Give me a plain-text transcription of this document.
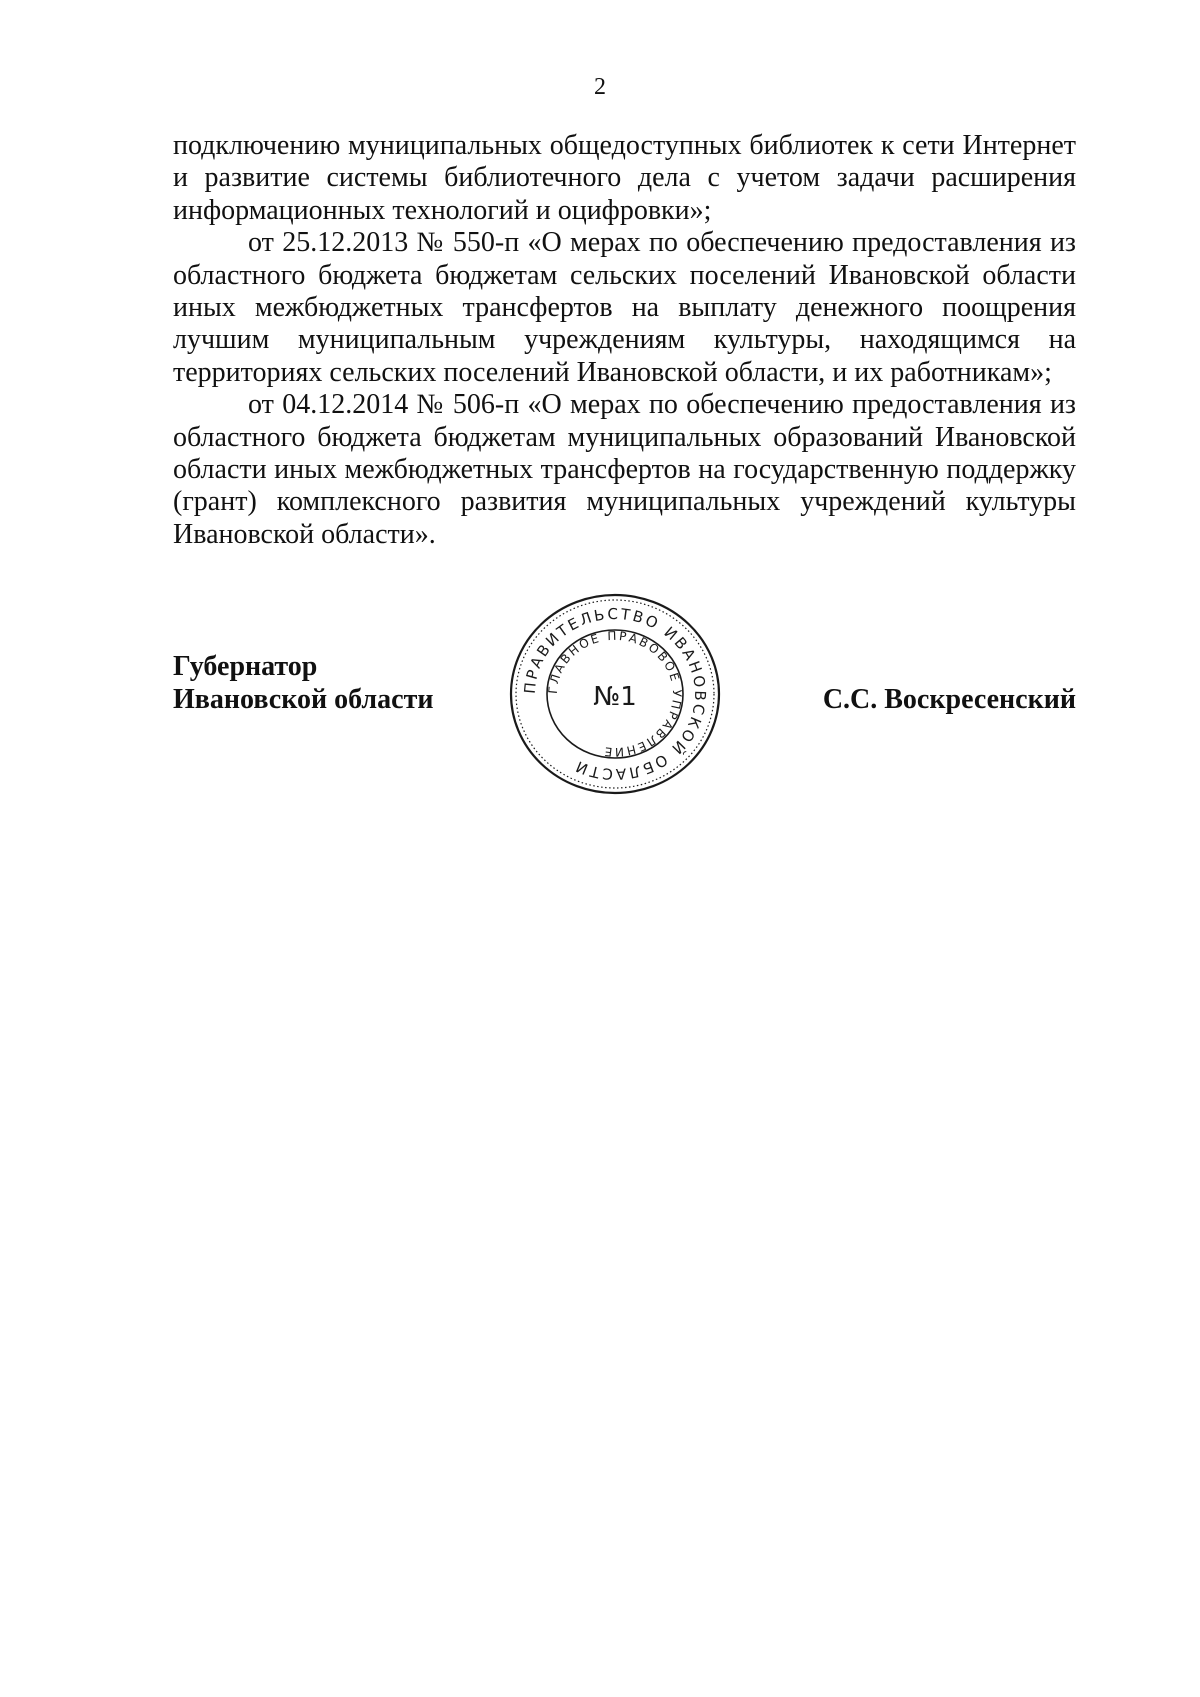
2

подключению муниципальных общедоступных библиотек к сети Интернет и развитие системы библиотечного дела с учетом задачи расширения информационных технологий и оцифровки»;

от 25.12.2013 № 550-п «О мерах по обеспечению предоставления из областного бюджета бюджетам сельских поселений Ивановской области иных межбюджетных трансфертов на выплату денежного поощрения лучшим муниципальным учреждениям культуры, находящимся на территориях сельских поселений Ивановской области, и их работникам»;

от 04.12.2014 № 506-п «О мерах по обеспечению предоставления из областного бюджета бюджетам муниципальных образований Ивановской области иных межбюджетных трансфертов на государственную поддержку (грант) комплексного развития муниципальных учреждений культуры Ивановской области».

Губернатор
Ивановской области	ПРАВИТЕЛЬСТВО ИВАНОВСКОЙ ОБЛАСТИ
ГЛАВНОЕ ПРАВОВОЕ УПРАВЛЕНИЕ
№1	С.С. Воскресенский
